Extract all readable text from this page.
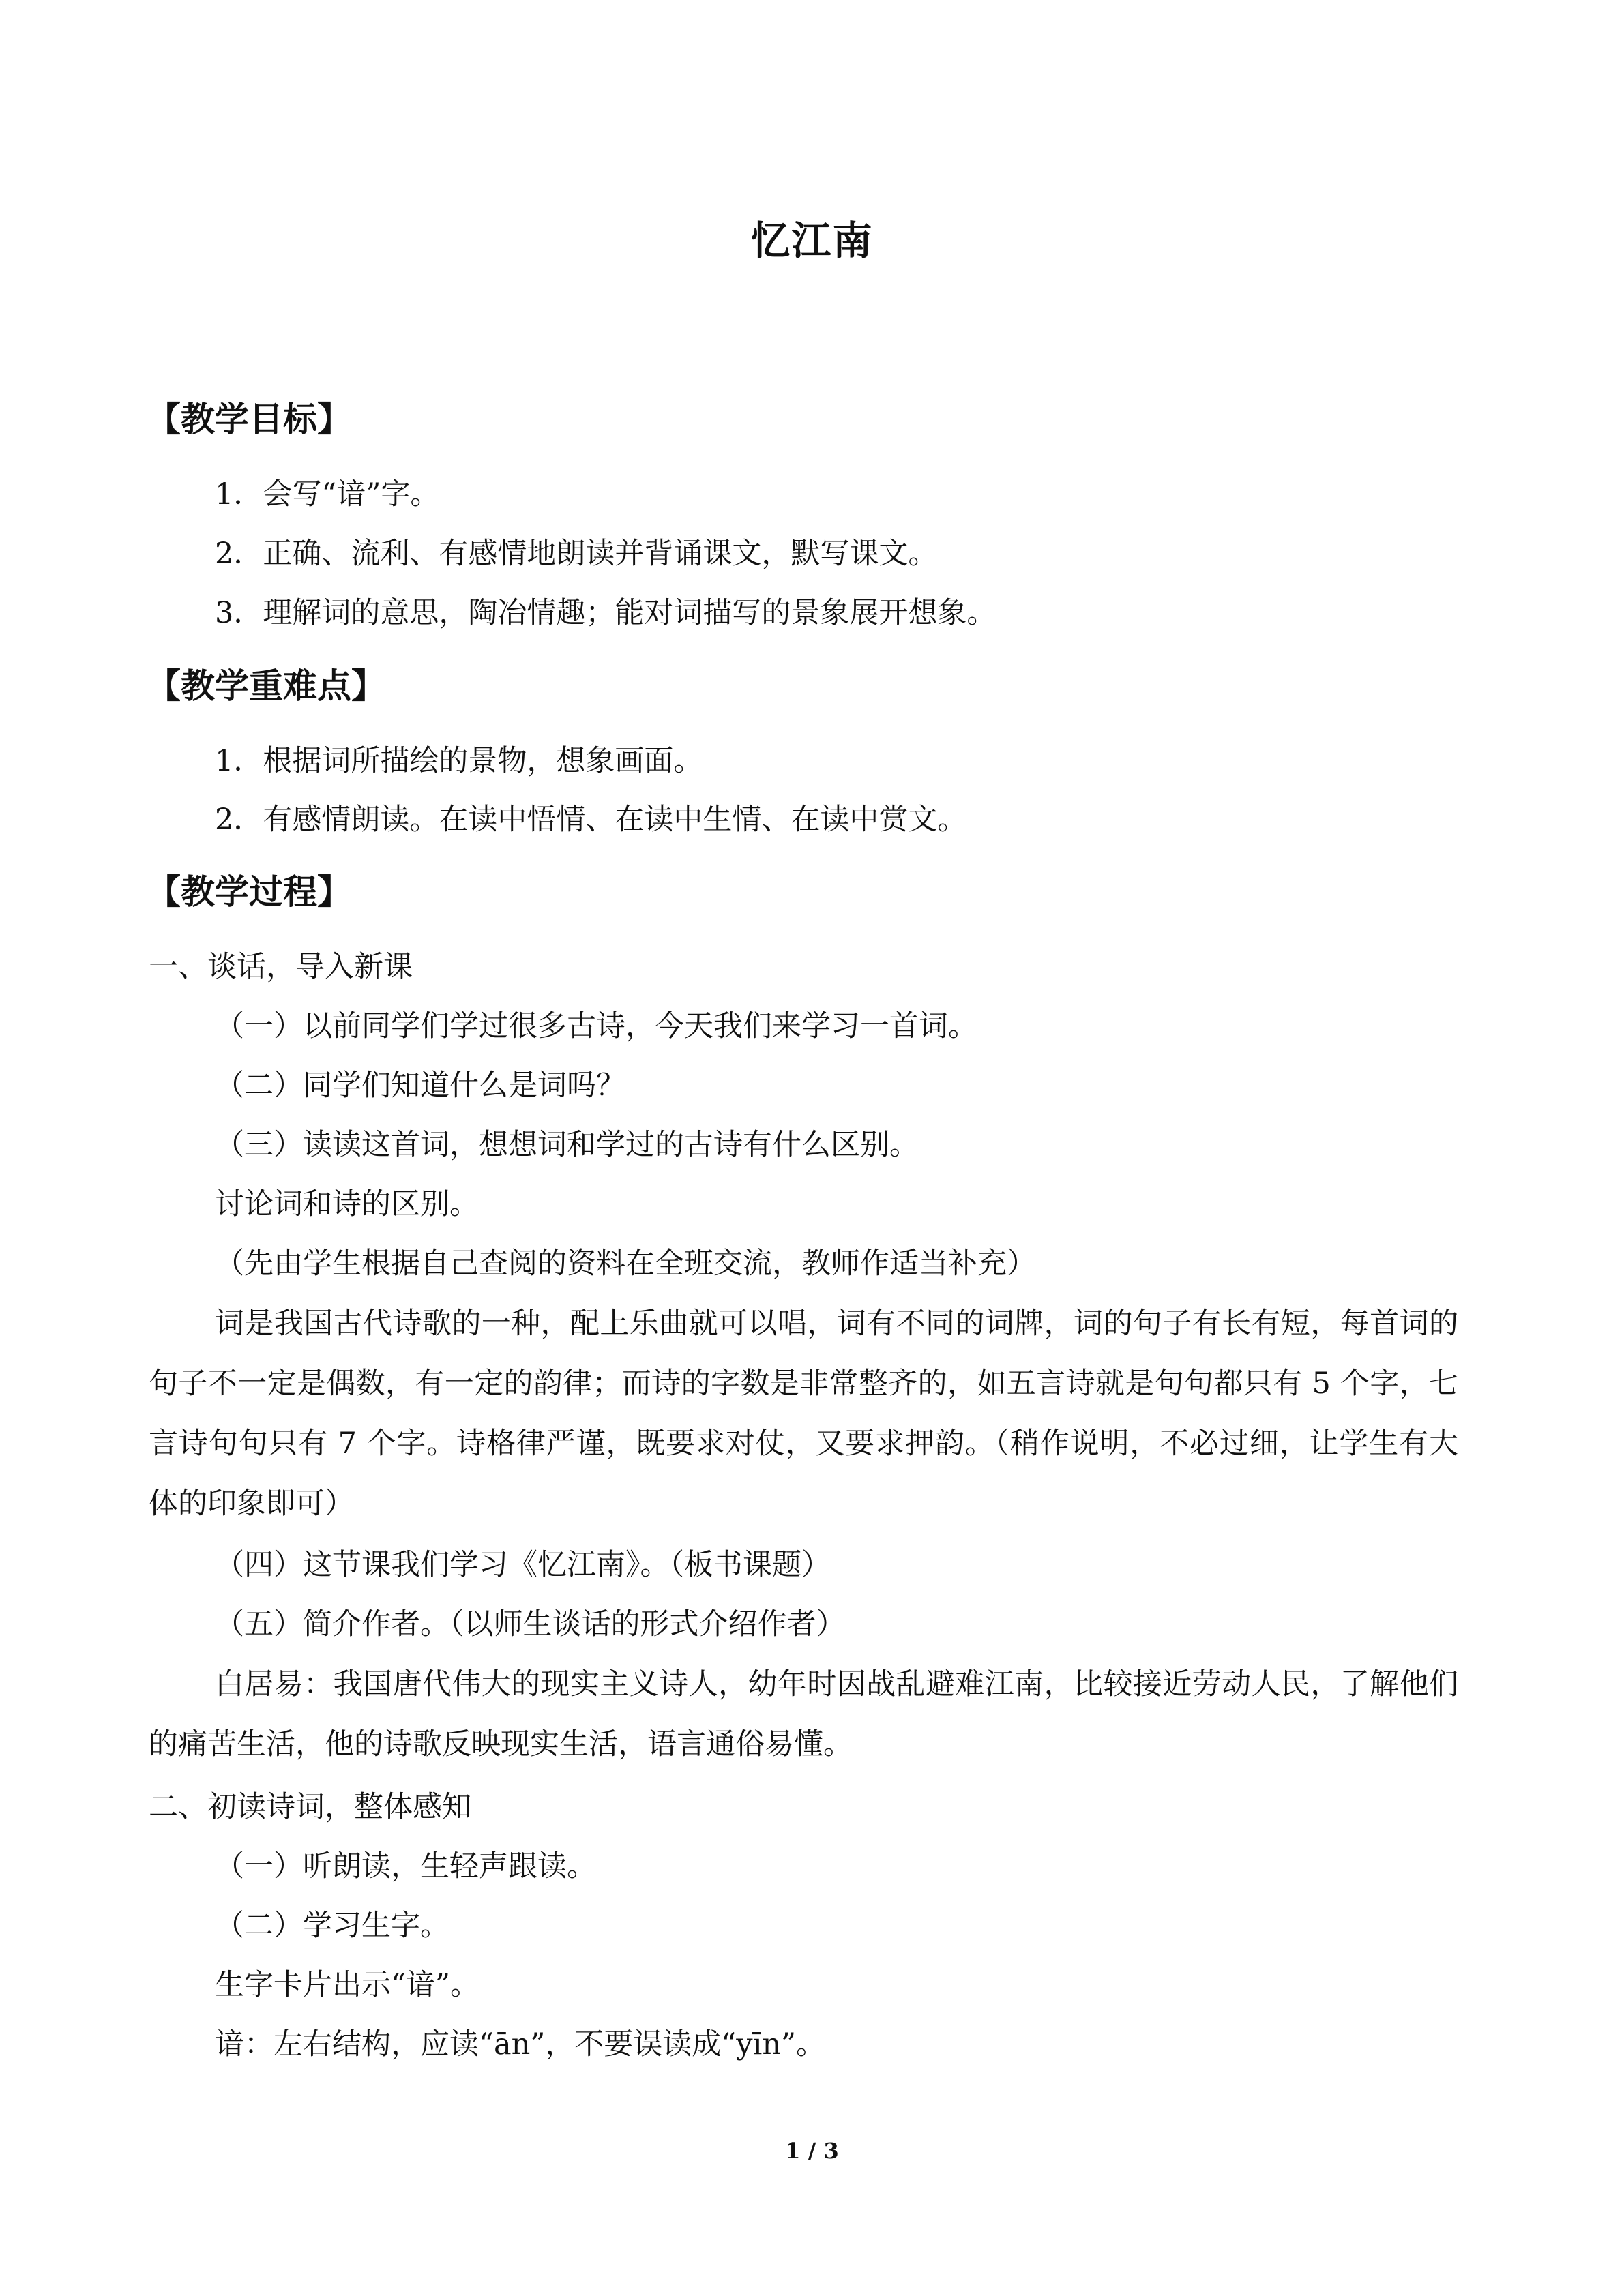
忆江南
【教学目标】
1．会写“谙”字。
2．正确、流利、有感情地朗读并背诵课文，默写课文。
3．理解词的意思，陶冶情趣；能对词描写的景象展开想象。
【教学重难点】
1．根据词所描绘的景物，想象画面。
2．有感情朗读。在读中悟情、在读中生情、在读中赏文。
【教学过程】
一、谈话，导入新课
（一）以前同学们学过很多古诗，今天我们来学习一首词。
（二）同学们知道什么是词吗？
（三）读读这首词，想想词和学过的古诗有什么区别。
讨论词和诗的区别。
（先由学生根据自己查阅的资料在全班交流，教师作适当补充）
词是我国古代诗歌的一种，配上乐曲就可以唱，词有不同的词牌，词的句子有长有短，每首词的句子不一定是偶数，有一定的韵律；而诗的字数是非常整齐的，如五言诗就是句句都只有 5 个字，七言诗句句只有 7 个字。诗格律严谨，既要求对仗，又要求押韵。（稍作说明，不必过细，让学生有大体的印象即可）
（四）这节课我们学习《忆江南》。（板书课题）
（五）简介作者。（以师生谈话的形式介绍作者）
白居易：我国唐代伟大的现实主义诗人，幼年时因战乱避难江南，比较接近劳动人民，了解他们的痛苦生活，他的诗歌反映现实生活，语言通俗易懂。
二、初读诗词，整体感知
（一）听朗读，生轻声跟读。
（二）学习生字。
生字卡片出示“谙”。
谙：左右结构，应读“ān”，不要误读成“yīn”。
1 / 3
